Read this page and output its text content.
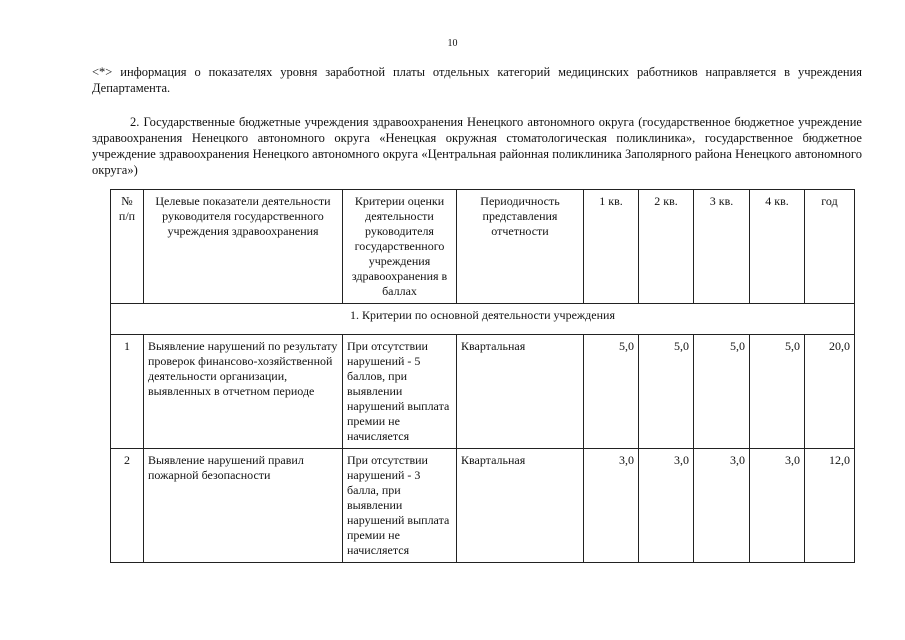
10

<*> информация о показателях уровня заработной платы отдельных категорий медицинских работников направляется в учреждения Департамента.

2. Государственные бюджетные учреждения здравоохранения Ненецкого автономного округа (государственное бюджетное учреждение здравоохранения Ненецкого автономного округа «Ненецкая окружная стоматологическая поликлиника», государственное бюджетное учреждение здравоохранения Ненецкого автономного округа «Центральная районная поликлиника Заполярного района Ненецкого автономного округа»)

№ п/п	Целевые показатели деятельности руководителя государственного учреждения здравоохранения	Критерии оценки деятельности руководителя государственного учреждения здравоохранения в баллах	Периодичность представления отчетности	1 кв.	2 кв.	3 кв.	4 кв.	год
1. Критерии по основной деятельности учреждения								
1	Выявление нарушений по результату проверок финансово-хозяйственной деятельности организации, выявленных в отчетном периоде	При отсутствии нарушений - 5 баллов, при выявлении нарушений выплата премии не начисляется	Квартальная	5,0	5,0	5,0	5,0	20,0
2	Выявление нарушений правил пожарной безопасности	При отсутствии нарушений - 3 балла, при выявлении нарушений выплата премии не начисляется	Квартальная	3,0	3,0	3,0	3,0	12,0
